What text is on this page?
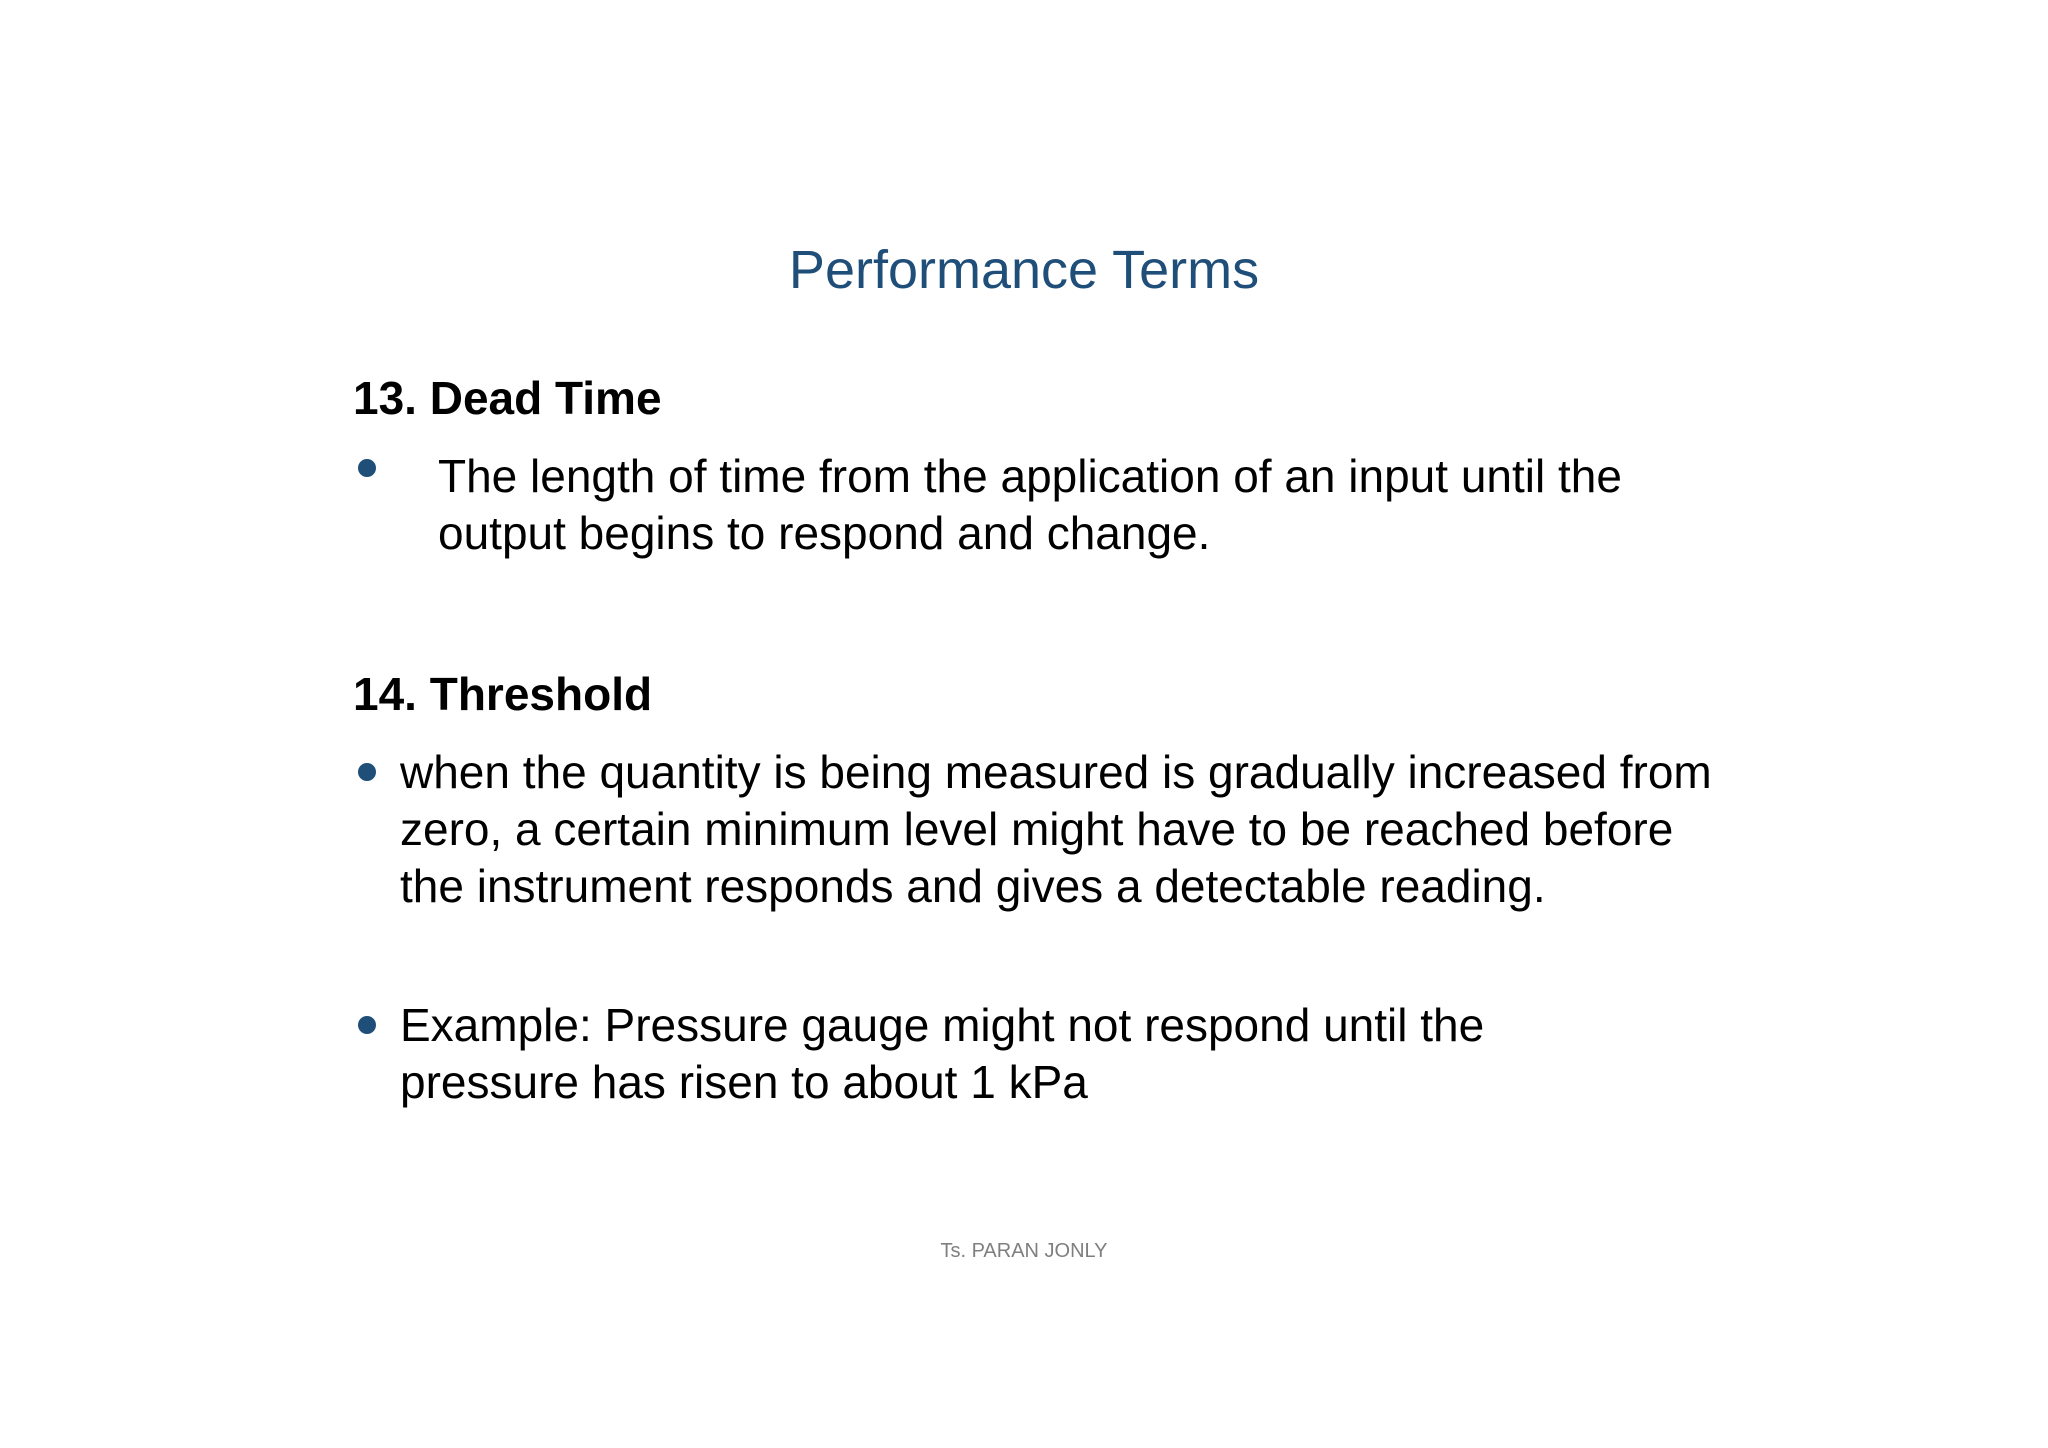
Performance Terms
13. Dead Time
The length of time from the application of an input until the output begins to respond and change.
14. Threshold
when the quantity is being measured is gradually increased from zero, a certain minimum level might have to be reached before the instrument responds and gives a detectable reading.
Example: Pressure gauge might not respond until the pressure has risen to about 1 kPa
Ts. PARAN JONLY
